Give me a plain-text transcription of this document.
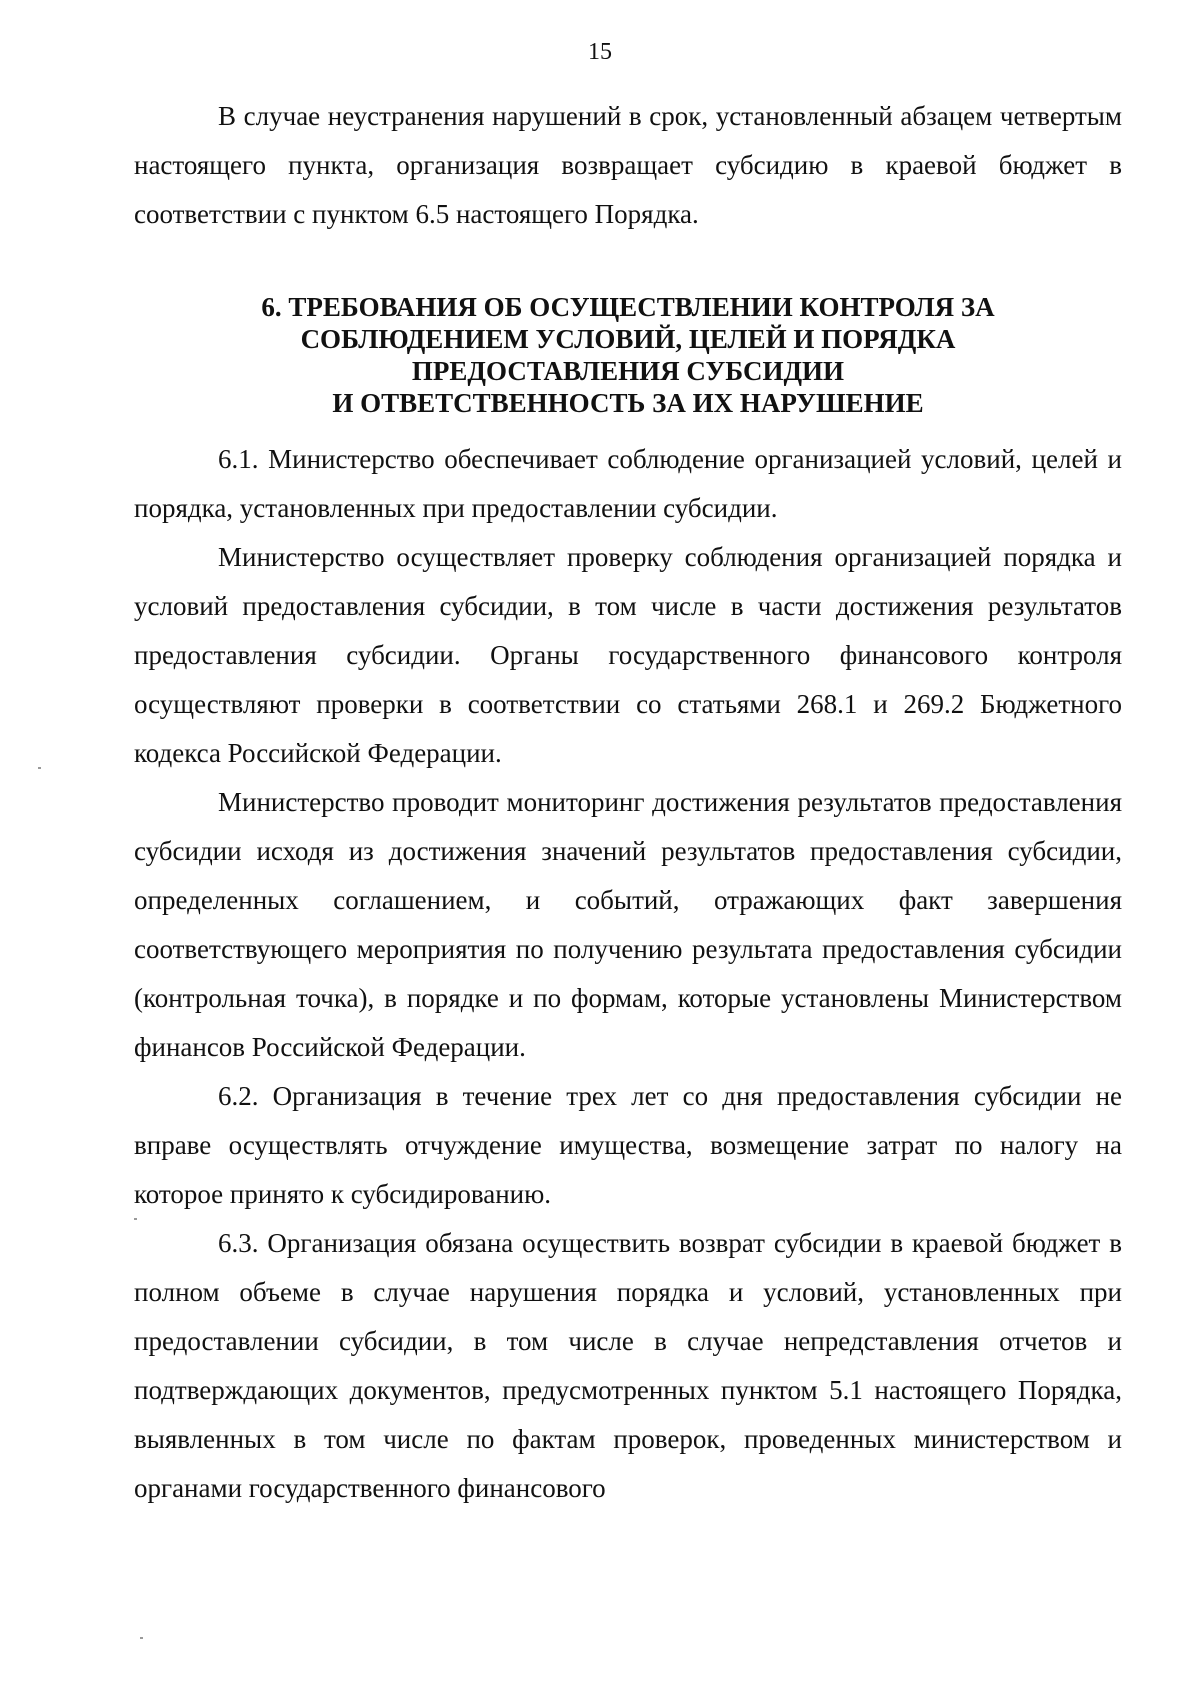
15

В случае неустранения нарушений в срок, установленный абзацем четвертым настоящего пункта, организация возвращает субсидию в краевой бюджет в соответствии с пунктом 6.5 настоящего Порядка.

6. ТРЕБОВАНИЯ ОБ ОСУЩЕСТВЛЕНИИ КОНТРОЛЯ ЗА

СОБЛЮДЕНИЕМ УСЛОВИЙ, ЦЕЛЕЙ И ПОРЯДКА

ПРЕДОСТАВЛЕНИЯ СУБСИДИИ

И ОТВЕТСТВЕННОСТЬ ЗА ИХ НАРУШЕНИЕ

6.1. Министерство обеспечивает соблюдение организацией условий, целей и порядка, установленных при предоставлении субсидии.

Министерство осуществляет проверку соблюдения организацией порядка и условий предоставления субсидии, в том числе в части достижения результатов предоставления субсидии. Органы государственного финансового контроля осуществляют проверки в соответствии со статьями 268.1 и 269.2 Бюджетного кодекса Российской Федерации.

Министерство проводит мониторинг достижения результатов предоставления субсидии исходя из достижения значений результатов предоставления субсидии, определенных соглашением, и событий, отражающих факт завершения соответствующего мероприятия по получению результата предоставления субсидии (контрольная точка), в порядке и по формам, которые установлены Министерством финансов Российской Федерации.

6.2. Организация в течение трех лет со дня предоставления субсидии не вправе осуществлять отчуждение имущества, возмещение затрат по налогу на которое принято к субсидированию.

6.3. Организация обязана осуществить возврат субсидии в краевой бюджет в полном объеме в случае нарушения порядка и условий, установленных при предоставлении субсидии, в том числе в случае непредставления отчетов и подтверждающих документов, предусмотренных пунктом 5.1 настоящего Порядка, выявленных в том числе по фактам проверок, проведенных министерством и органами государственного финансового
